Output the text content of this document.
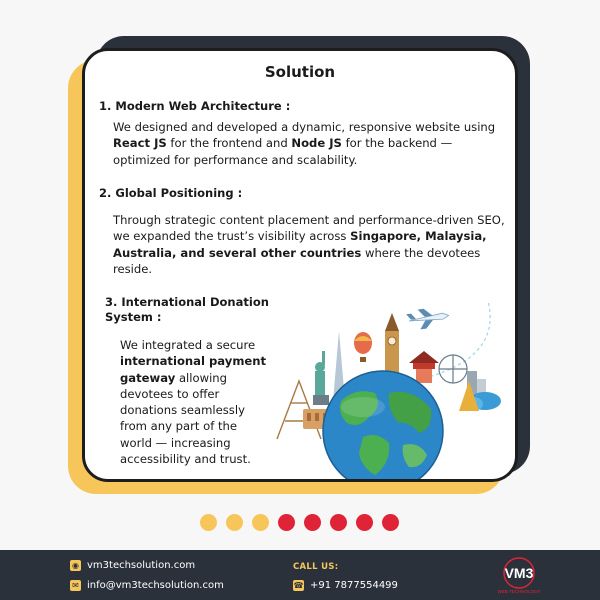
Solution
1. Modern Web Architecture :
We designed and developed a dynamic, responsive website using React JS for the frontend and Node JS for the backend — optimized for performance and scalability.
2. Global Positioning :
Through strategic content placement and performance-driven SEO, we expanded the trust’s visibility across Singapore, Malaysia, Australia, and several other countries where the devotees reside.
3. International Donation System :
We integrated a secure international payment gateway allowing devotees to offer donations seamlessly from any part of the world — increasing accessibility and trust.
◉ vm3techsolution.com
✉ info@vm3techsolution.com
CALL US:
☎ +91 7877554499
VM3
WEB TECHNOLOGY
